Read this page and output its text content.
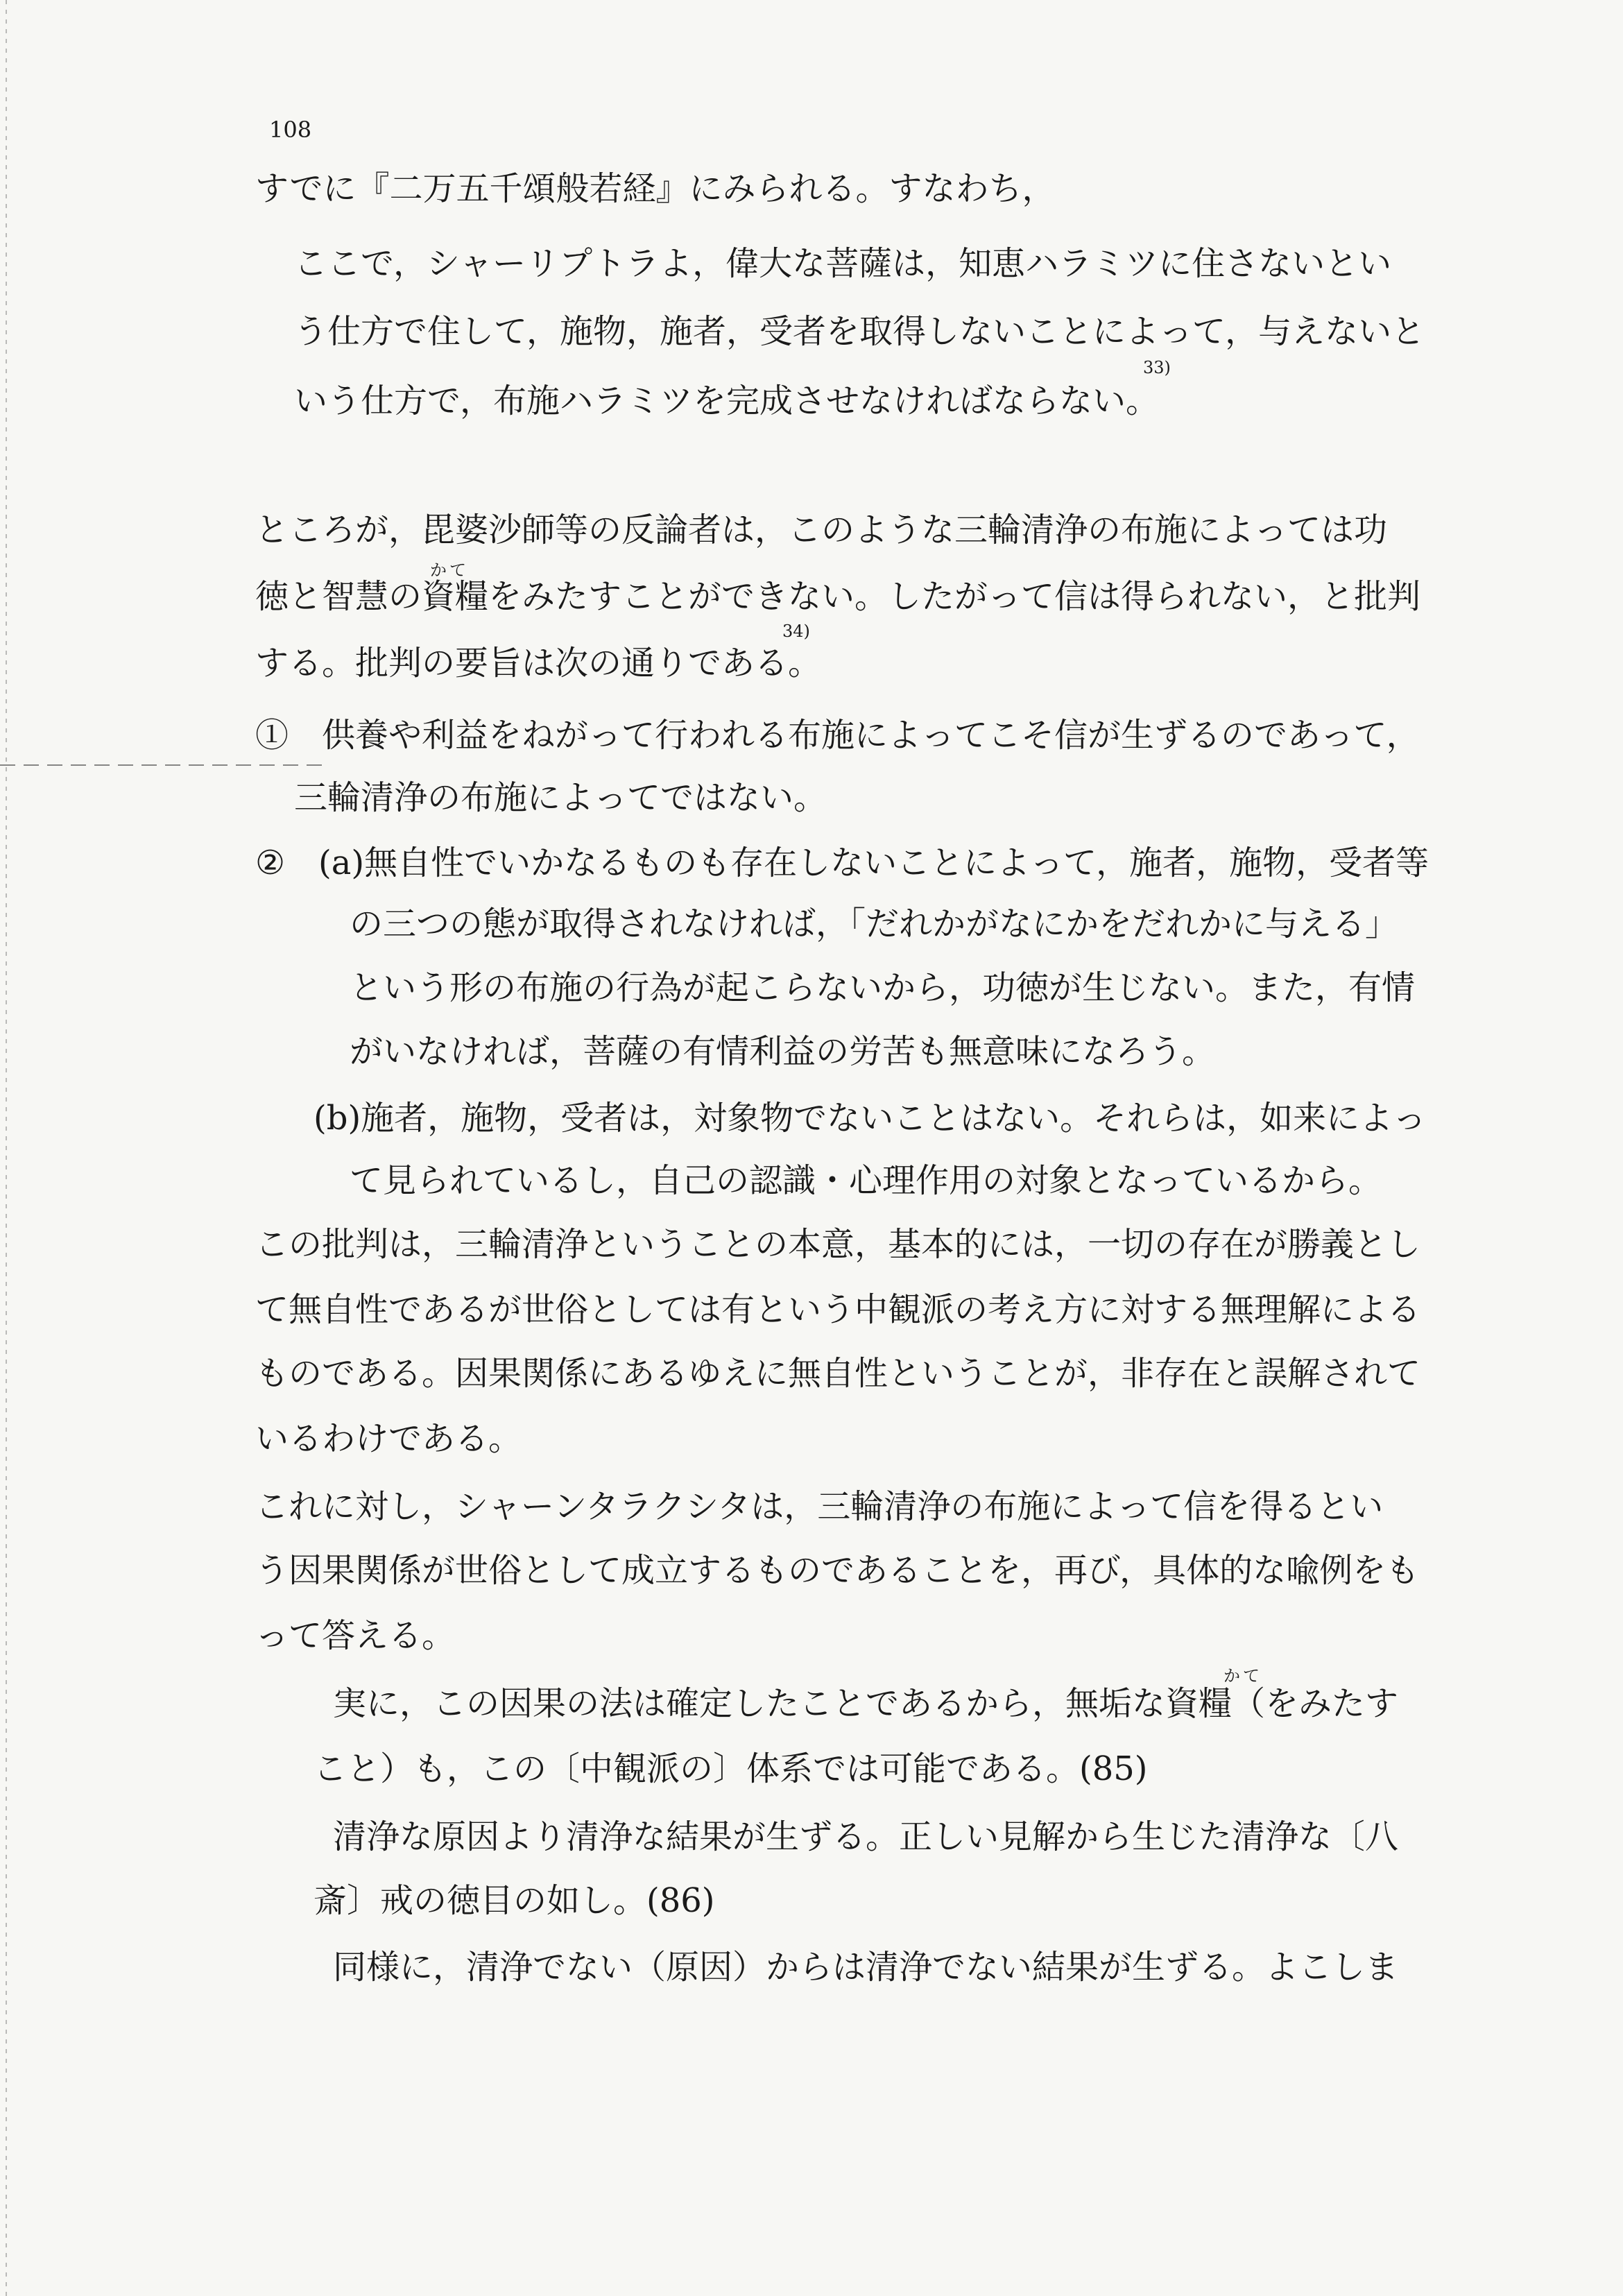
108
すでに『二万五千頌般若経』にみられる。すなわち，
ここで，シャーリプトラよ，偉大な菩薩は，知恵ハラミツに住さないとい
う仕方で住して，施物，施者，受者を取得しないことによって，与えないと
いう仕方で，布施ハラミツを完成させなければならない。
33)
ところが，毘婆沙師等の反論者は，このような三輪清浄の布施によっては功
か て
徳と智慧の資糧をみたすことができない。したがって信は得られない，と批判
する。批判の要旨は次の通りである。
34)
①　供養や利益をねがって行われる布施によってこそ信が生ずるのであって，
三輪清浄の布施によってではない。
②　(a)無自性でいかなるものも存在しないことによって，施者，施物，受者等
の三つの態が取得されなければ，「だれかがなにかをだれかに与える」
という形の布施の行為が起こらないから，功徳が生じない。また，有情
がいなければ，菩薩の有情利益の労苦も無意味になろう。
(b)施者，施物，受者は，対象物でないことはない。それらは，如来によっ
て見られているし，自己の認識・心理作用の対象となっているから。
この批判は，三輪清浄ということの本意，基本的には，一切の存在が勝義とし
て無自性であるが世俗としては有という中観派の考え方に対する無理解による
ものである。因果関係にあるゆえに無自性ということが，非存在と誤解されて
いるわけである。
これに対し，シャーンタラクシタは，三輪清浄の布施によって信を得るとい
う因果関係が世俗として成立するものであることを，再び，具体的な喩例をも
って答える。
か て
実に，この因果の法は確定したことであるから，無垢な資糧（をみたす
こと）も，この〔中観派の〕体系では可能である。(85)
清浄な原因より清浄な結果が生ずる。正しい見解から生じた清浄な〔八
斎〕戒の徳目の如し。(86)
同様に，清浄でない（原因）からは清浄でない結果が生ずる。よこしま
